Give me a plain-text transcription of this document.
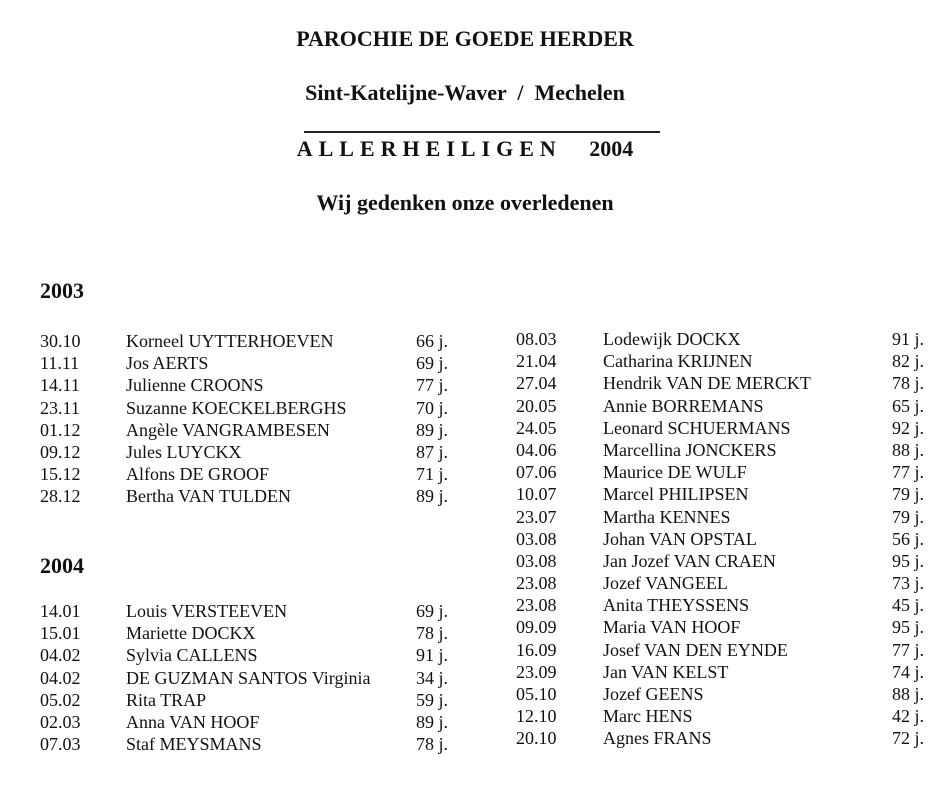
PAROCHIE DE GOEDE HERDER
Sint-Katelijne-Waver  /  Mechelen
ALLERHEILIGEN 2004
Wij gedenken onze overledenen
2003
2004
30.10	Korneel UYTTERHOEVEN	66 j.
11.11	Jos AERTS	69 j.
14.11	Julienne CROONS	77 j.
23.11	Suzanne KOECKELBERGHS	70 j.
01.12	Angèle VANGRAMBESEN	89 j.
09.12	Jules LUYCKX	87 j.
15.12	Alfons DE GROOF	71 j.
28.12	Bertha VAN TULDEN	89 j.
14.01	Louis VERSTEEVEN	69 j.
15.01	Mariette DOCKX	78 j.
04.02	Sylvia CALLENS	91 j.
04.02	DE GUZMAN SANTOS Virginia	34 j.
05.02	Rita TRAP	59 j.
02.03	Anna VAN HOOF	89 j.
07.03	Staf MEYSMANS	78 j.
08.03	Lodewijk DOCKX	91 j.
21.04	Catharina KRIJNEN	82 j.
27.04	Hendrik VAN DE MERCKT	78 j.
20.05	Annie BORREMANS	65 j.
24.05	Leonard SCHUERMANS	92 j.
04.06	Marcellina JONCKERS	88 j.
07.06	Maurice DE WULF	77 j.
10.07	Marcel PHILIPSEN	79 j.
23.07	Martha KENNES	79 j.
03.08	Johan VAN OPSTAL	56 j.
03.08	Jan Jozef VAN CRAEN	95 j.
23.08	Jozef VANGEEL	73 j.
23.08	Anita THEYSSENS	45 j.
09.09	Maria VAN HOOF	95 j.
16.09	Josef VAN DEN EYNDE	77 j.
23.09	Jan VAN KELST	74 j.
05.10	Jozef GEENS	88 j.
12.10	Marc HENS	42 j.
20.10	Agnes FRANS	72 j.
